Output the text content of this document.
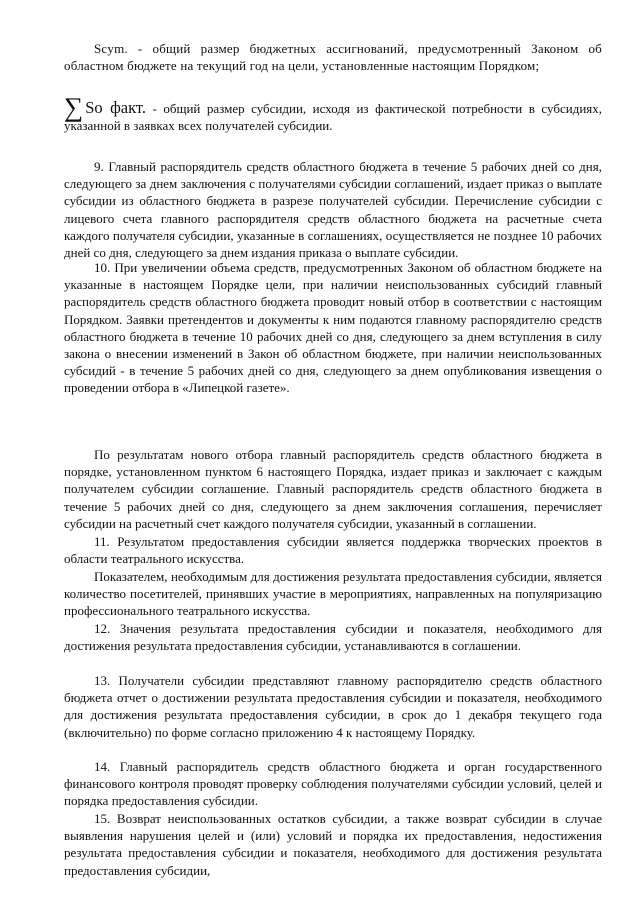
Scym. - общий размер бюджетных ассигнований, предусмотренный Законом об областном бюджете на текущий год на цели, установленные настоящим Порядком;

∑ So факт. - общий размер субсидии, исходя из фактической потребности в субсидиях, указанной в заявках всех получателей субсидии.

9. Главный распорядитель средств областного бюджета в течение 5 рабочих дней со дня, следующего за днем заключения с получателями субсидии соглашений, издает приказ о выплате субсидии из областного бюджета в разрезе получателей субсидии. Перечисление субсидии с лицевого счета главного распорядителя средств областного бюджета на расчетные счета каждого получателя субсидии, указанные в соглашениях, осуществляется не позднее 10 рабочих дней со дня, следующего за днем издания приказа о выплате субсидии.

10. При увеличении объема средств, предусмотренных Законом об областном бюджете на указанные в настоящем Порядке цели, при наличии неиспользованных субсидий главный распорядитель средств областного бюджета проводит новый отбор в соответствии с настоящим Порядком. Заявки претендентов и документы к ним подаются главному распорядителю средств областного бюджета в течение 10 рабочих дней со дня, следующего за днем вступления в силу закона о внесении изменений в Закон об областном бюджете, при наличии неиспользованных субсидий - в течение 5 рабочих дней со дня, следующего за днем опубликования извещения о проведении отбора в «Липецкой газете».

По результатам нового отбора главный распорядитель средств областного бюджета в порядке, установленном пунктом 6 настоящего Порядка, издает приказ и заключает с каждым получателем субсидии соглашение. Главный распорядитель средств областного бюджета в течение 5 рабочих дней со дня, следующего за днем заключения соглашения, перечисляет субсидии на расчетный счет каждого получателя субсидии, указанный в соглашении.

11. Результатом предоставления субсидии является поддержка творческих проектов в области театрального искусства.

Показателем, необходимым для достижения результата предоставления субсидии, является количество посетителей, принявших участие в мероприятиях, направленных на популяризацию профессионального театрального искусства.

12. Значения результата предоставления субсидии и показателя, необходимого для достижения результата предоставления субсидии, устанавливаются в соглашении.

13. Получатели субсидии представляют главному распорядителю средств областного бюджета отчет о достижении результата предоставления субсидии и показателя, необходимого для достижения результата предоставления субсидии, в срок до 1 декабря текущего года (включительно) по форме согласно приложению 4 к настоящему Порядку.

14. Главный распорядитель средств областного бюджета и орган государственного финансового контроля проводят проверку соблюдения получателями субсидии условий, целей и порядка предоставления субсидии.

15. Возврат неиспользованных остатков субсидии, а также возврат субсидии в случае выявления нарушения целей и (или) условий и порядка их предоставления, недостижения результата предоставления субсидии и показателя, необходимого для достижения результата предоставления субсидии,
